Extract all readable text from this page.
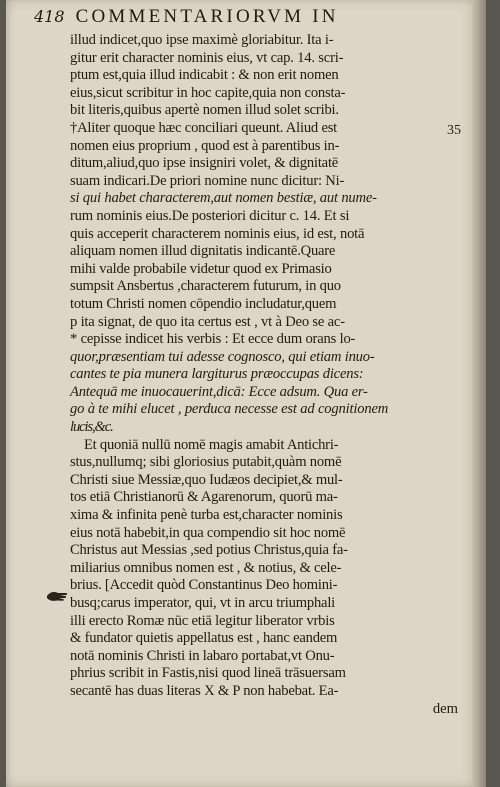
418 COMMENTARIORVM IN
35
illud indicet,quo ipse maximè gloriabitur. Ita i-
gitur erit character nominis eius, vt cap. 14. scri-
ptum est,quia illud indicabit : & non erit nomen
eius,sicut scribitur in hoc capite,quia non consta-
bit literis,quibus apertè nomen illud solet scribi.
†Aliter quoque hæc conciliari queunt. Aliud est
nomen eius proprium , quod est à parentibus in-
ditum,aliud,quo ipse insigniri volet, & dignitatē
suam indicari.De priori nomine nunc dicitur: Ni-
si qui habet characterem,aut nomen bestiæ, aut nume-
rum nominis eius.De posteriori dicitur c. 14. Et si
quis acceperit characterem nominis eius, id est, notā
aliquam nomen illud dignitatis indicantē.Quare
mihi valde probabile videtur quod ex Primasio
sumpsit Ansbertus ,characterem futurum, in quo
totum Christi nomen cōpendio includatur,quem
p ita signat, de quo ita certus est , vt à Deo se ac-
* cepisse indicet his verbis : Et ecce dum orans lo-
quor,præsentiam tui adesse cognosco, qui etiam inuo-
cantes te pia munera largiturus præoccupas dicens:
Antequā me inuocauerint,dicā: Ecce adsum. Qua er-
go à te mihi elucet , perduca necesse est ad cognitionem
lucis,&c.
Et quoniā nullū nomē magis amabit Antichri-
stus,nullumq; sibi gloriosius putabit,quàm nomē
Christi siue Messiæ,quo Iudæos decipiet,& mul-
tos etiā Christianorū & Agarenorum, quorū ma-
xima & infinita penè turba est,character nominis
eius notā habebit,in qua compendio sit hoc nomē
Christus aut Messias ,sed potius Christus,quia fa-
miliarius omnibus nomen est , & notius, & cele-
brius. [Accedit quòd Constantinus Deo homini-
busq;carus imperator, qui, vt in arcu triumphali
illi erecto Romæ nūc etiā legitur liberator vrbis
& fundator quietis appellatus est , hanc eandem
notā nominis Christi in labaro portabat,vt Onu-
phrius scribit in Fastis,nisi quod lineā trāsuersam
secantē has duas literas X & P non habebat. Ea-
dem
